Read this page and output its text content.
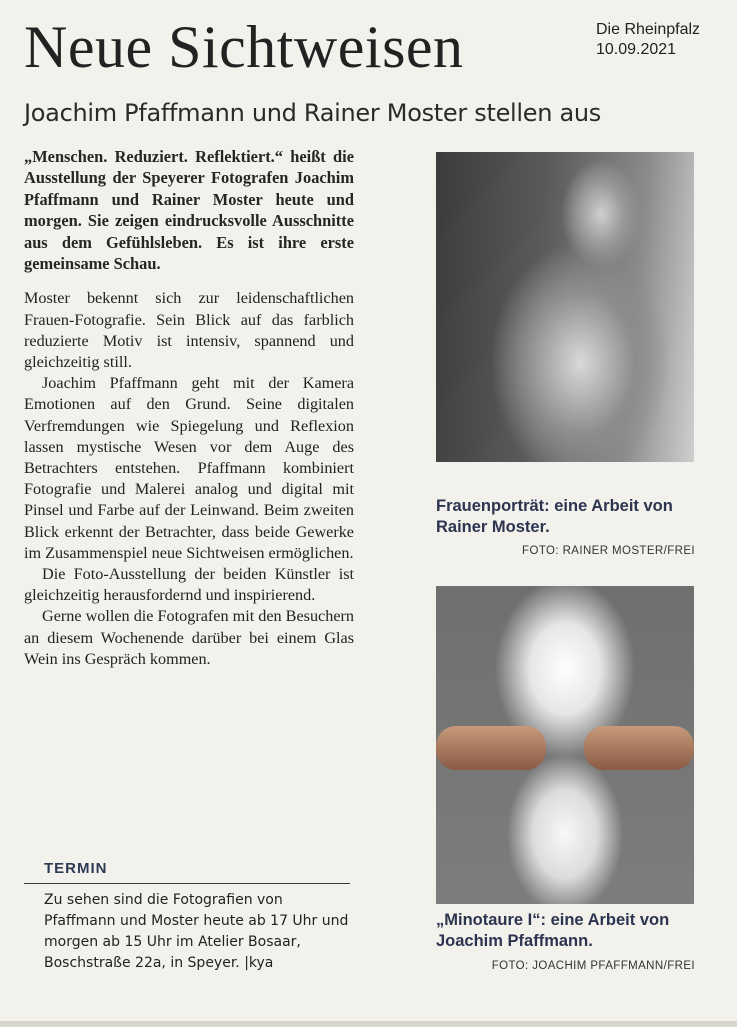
Neue Sichtweisen	Die Rheinpfalz
10.09.2021
Joachim Pfaffmann und Rainer Moster stellen aus

„Menschen. Reduziert. Reflektiert.“ heißt die Ausstellung der Speyerer Fotografen Joachim Pfaffmann und Rainer Moster heute und morgen. Sie zeigen eindrucksvolle Ausschnitte aus dem Gefühlsleben. Es ist ihre erste gemeinsame Schau.

Moster bekennt sich zur leidenschaftlichen Frauen-Fotografie. Sein Blick auf das farblich reduzierte Motiv ist intensiv, spannend und gleichzeitig still.

Joachim Pfaffmann geht mit der Kamera Emotionen auf den Grund. Seine digitalen Verfremdungen wie Spiegelung und Reflexion lassen mystische Wesen vor dem Auge des Betrachters entstehen. Pfaffmann kombiniert Fotografie und Malerei analog und digital mit Pinsel und Farbe auf der Leinwand. Beim zweiten Blick erkennt der Betrachter, dass beide Gewerke im Zusammenspiel neue Sichtweisen ermöglichen.

Die Foto-Ausstellung der beiden Künstler ist gleichzeitig herausfordernd und inspirierend.

Gerne wollen die Fotografen mit den Besuchern an diesem Wochenende darüber bei einem Glas Wein ins Gespräch kommen.

TERMIN
Zu sehen sind die Fotografien von Pfaffmann und Moster heute ab 17 Uhr und morgen ab 15 Uhr im Atelier Bosaar, Boschstraße 22a, in Speyer. |kya
Frauenporträt: eine Arbeit von Rainer Moster.
FOTO: RAINER MOSTER/FREI
„Minotaure I“: eine Arbeit von Joachim Pfaffmann.
FOTO: JOACHIM PFAFFMANN/FREI
